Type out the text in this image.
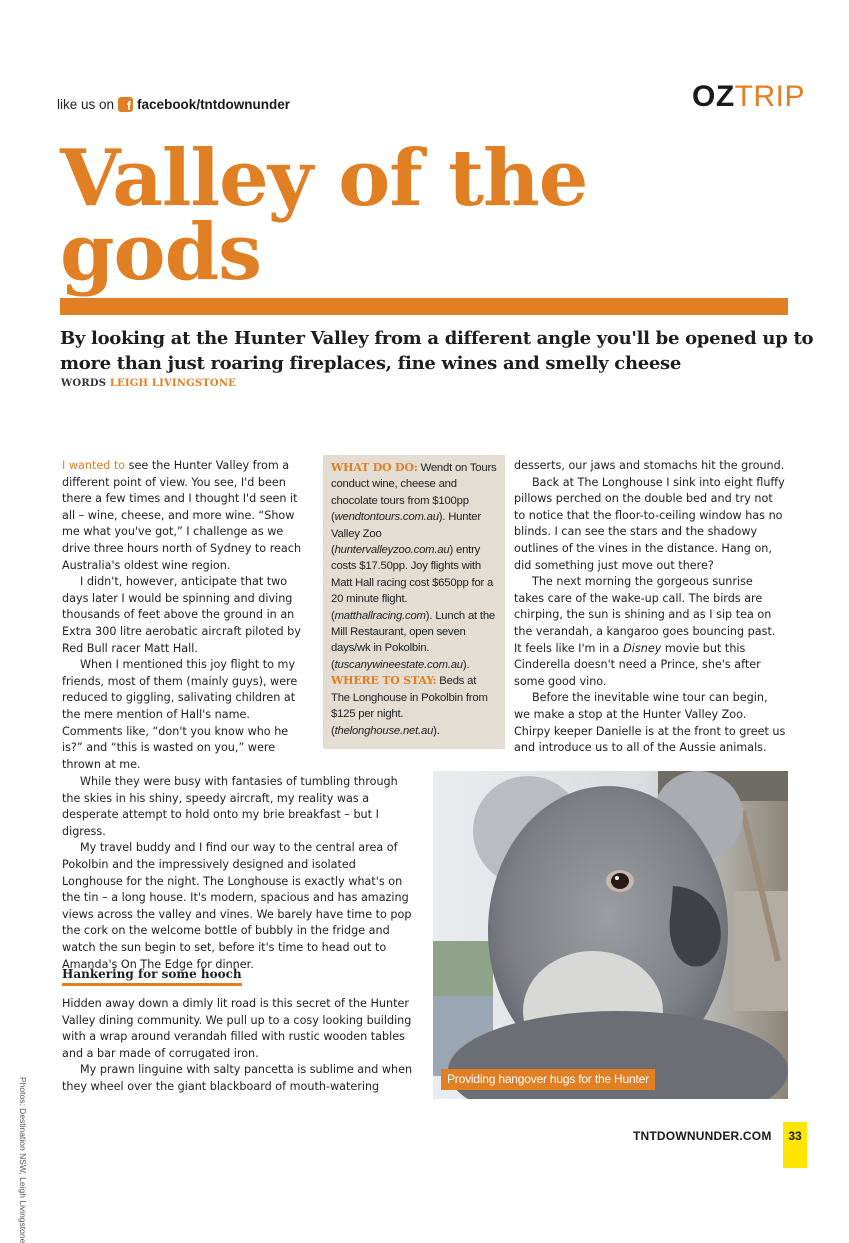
like us on	f facebook/tntdownunder	OZTRIP
Valley of the
gods
By looking at the Hunter Valley from a different angle you'll be opened up to more than just roaring fireplaces, fine wines and smelly cheese
WORDS LEIGH LIVINGSTONE

I wanted to see the Hunter Valley from a different point of view. You see, I'd been there a few times and I thought I'd seen it all – wine, cheese, and more wine. “Show me what you've got,” I challenge as we drive three hours north of Sydney to reach Australia's oldest wine region.

I didn't, however, anticipate that two days later I would be spinning and diving thousands of feet above the ground in an Extra 300 litre aerobatic aircraft piloted by Red Bull racer Matt Hall.

When I mentioned this joy flight to my friends, most of them (mainly guys), were reduced to giggling, salivating children at the mere mention of Hall's name. Comments like, “don't you know who he is?” and “this is wasted on you,” were thrown at me.

WHAT DO DO: Wendt on Tours conduct wine, cheese and chocolate tours from $100pp (wendtontours.com.au). Hunter Valley Zoo (huntervalleyzoo.com.au) entry costs $17.50pp. Joy flights with Matt Hall racing cost $650pp for a 20 minute flight. (matthallracing.com). Lunch at the Mill Restaurant, open seven days/wk in Pokolbin. (tuscanywineestate.com.au).
WHERE TO STAY: Beds at The Longhouse in Pokolbin from $125 per night. (thelonghouse.net.au).

desserts, our jaws and stomachs hit the ground.

Back at The Longhouse I sink into eight fluffy pillows perched on the double bed and try not to notice that the floor-to-ceiling window has no blinds. I can see the stars and the shadowy outlines of the vines in the distance. Hang on, did something just move out there?

The next morning the gorgeous sunrise takes care of the wake-up call. The birds are chirping, the sun is shining and as I sip tea on the verandah, a kangaroo goes bouncing past. It feels like I'm in a Disney movie but this Cinderella doesn't need a Prince, she's after some good vino.

Before the inevitable wine tour can begin, we make a stop at the Hunter Valley Zoo. Chirpy keeper Danielle is at the front to greet us and introduce us to all of the Aussie animals.

While they were busy with fantasies of tumbling through the skies in his shiny, speedy aircraft, my reality was a desperate attempt to hold onto my brie breakfast – but I digress.

My travel buddy and I find our way to the central area of Pokolbin and the impressively designed and isolated Longhouse for the night. The Longhouse is exactly what's on the tin – a long house. It's modern, spacious and has amazing views across the valley and vines. We barely have time to pop the cork on the welcome bottle of bubbly in the fridge and watch the sun begin to set, before it's time to head out to Amanda's On The Edge for dinner.

Hankering for some hooch

Hidden away down a dimly lit road is this secret of the Hunter Valley dining community. We pull up to a cosy looking building with a wrap around verandah filled with rustic wooden tables and a bar made of corrugated iron.

My prawn linguine with salty pancetta is sublime and when they wheel over the giant blackboard of mouth-watering

Providing hangover hugs for the Hunter
Photos: Destination NSW, Leigh Livingstone	TNTDOWNUNDER.COM	33
